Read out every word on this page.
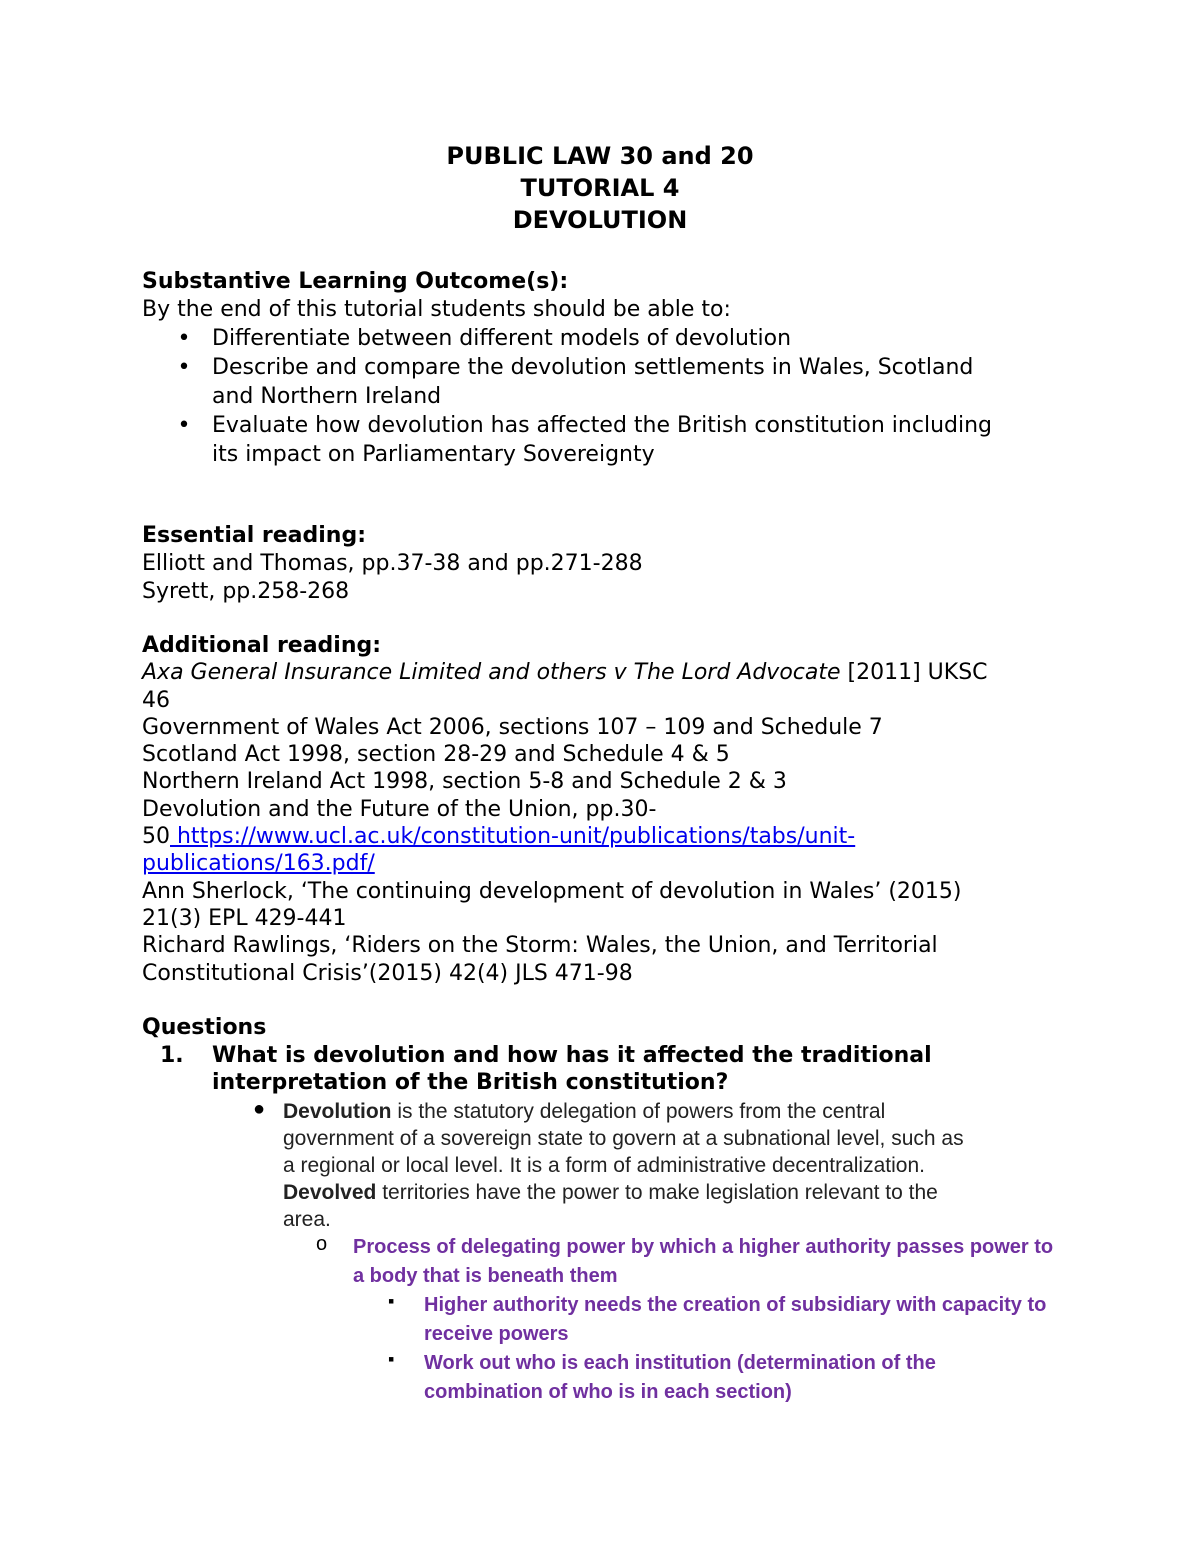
PUBLIC LAW 30 and 20
TUTORIAL 4
DEVOLUTION
Substantive Learning Outcome(s):
By the end of this tutorial students should be able to:
• Differentiate between different models of devolution
• Describe and compare the devolution settlements in Wales, Scotland
and Northern Ireland
• Evaluate how devolution has affected the British constitution including
its impact on Parliamentary Sovereignty
Essential reading:
Elliott and Thomas, pp.37-38 and pp.271-288
Syrett, pp.258-268
Additional reading:
Axa General Insurance Limited and others v The Lord Advocate [2011] UKSC
46
Government of Wales Act 2006, sections 107 – 109 and Schedule 7
Scotland Act 1998, section 28-29 and Schedule 4 & 5
Northern Ireland Act 1998, section 5-8 and Schedule 2 & 3
Devolution and the Future of the Union, pp.30-
50 https://www.ucl.ac.uk/constitution-unit/publications/tabs/unit-
publications/163.pdf/
Ann Sherlock, ‘The continuing development of devolution in Wales’ (2015)
21(3) EPL 429-441
Richard Rawlings, ‘Riders on the Storm: Wales, the Union, and Territorial
Constitutional Crisis’(2015) 42(4) JLS 471-98
Questions
1. What is devolution and how has it affected the traditional
interpretation of the British constitution?
● Devolution is the statutory delegation of powers from the central
government of a sovereign state to govern at a subnational level, such as
a regional or local level. It is a form of administrative decentralization.
Devolved territories have the power to make legislation relevant to the
area.
o Process of delegating power by which a higher authority passes power to
a body that is beneath them
▪ Higher authority needs the creation of subsidiary with capacity to
receive powers
▪ Work out who is each institution (determination of the
combination of who is in each section)
